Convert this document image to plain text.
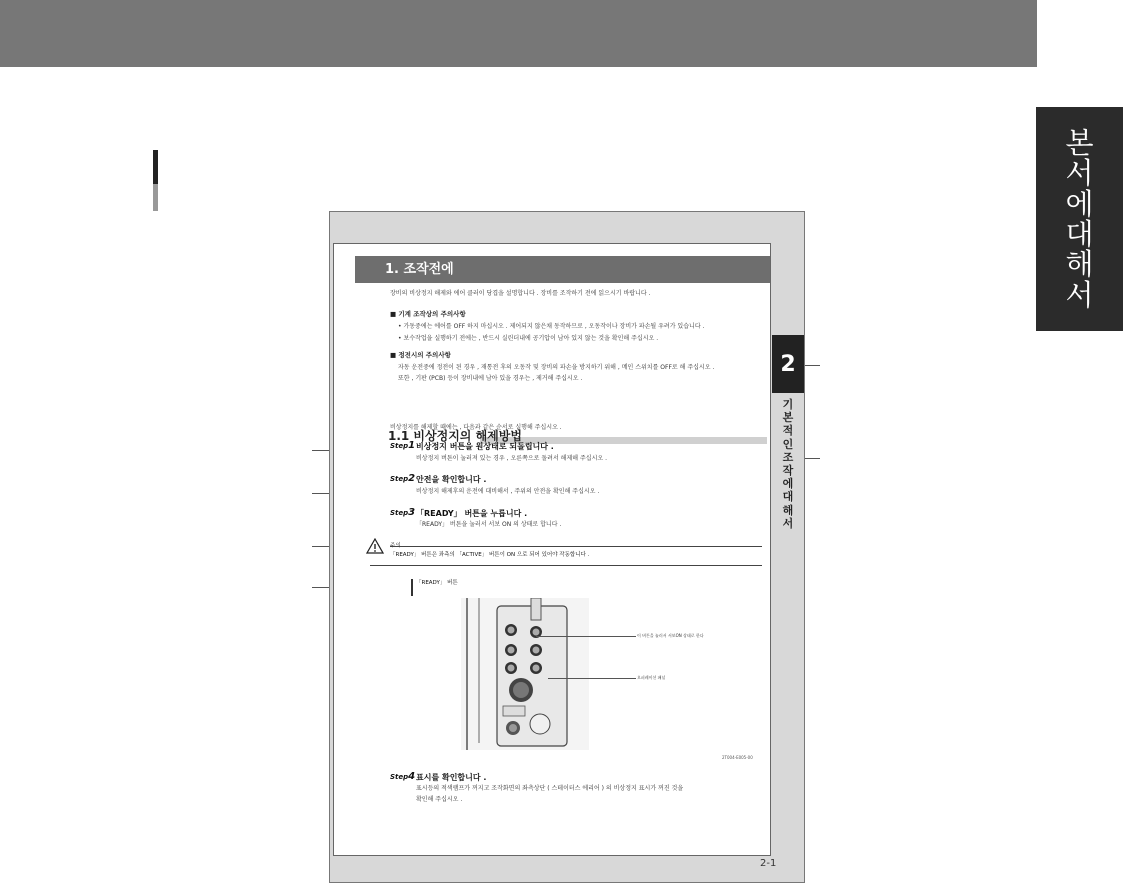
본서에 대해서
2
기본적인 조작에 대해서
2-1
1. 조작전에
장비의 비상정지 해제와 에어 클러이 당겹을 설명합니다 . 장비를 조작하기 전에 읽으시기 바랍니다 .
■ 기계 조작상의 주의사항
• 가동중에는 에어를 OFF 하지 마십시오 . 제어되지 않은채 동작하므로 , 오동작이나 장비가 파손될 우려가 있습니다 .
• 보수작업을 실행하기 전에는 , 반드시 실린더내에 공기압이 남아 있지 않는 것을 확인해 주십시오 .
■ 정전시의 주의사항
자동 운전중에 정전이 된 경우 , 재통전 후의 오동작 및 장비의 파손을 방지하기 위해 , 메인 스위치를 OFF로 해 주십시오 .
또한 , 기판 (PCB) 등이 장비내에 남아 있을 경우는 , 제거해 주십시오 .
1.1 비상정지의 해제방법
비상정지를 해제할 때에는 , 다음과 같은 순서로 실행해 주십시오 .
Step1 비상정지 버튼을 원상태로 되돌립니다 .
비상정지 버튼이 눌러져 있는 경우 , 오른쪽으로 돌려서 해제해 주십시오 .
Step2 안전을 확인합니다 .
비상정지 해제후의 운전에 대비해서 , 주위의 안전을 확인해 주십시오 .
Step3 「READY」 버튼을 누릅니다 .
「READY」 버튼을 눌러서 서보 ON 의 상태로 합니다 .
「READY」 버튼은 좌측의 「ACTIVE」 버튼이 ON 으로 되어 있어야 작동합니다 .
「READY」 버튼
이 버튼을 눌러서 서보ON 상태로 한다
오퍼레이션 패널
2T004-E005-00
Step4 표시를 확인합니다 .
표시등의 적색램프가 꺼지고 조작화면의 좌측상단 ( 스테이터스 에리어 ) 의 비상정지 표시가 꺼진 것을
확인해 주십시오 .
